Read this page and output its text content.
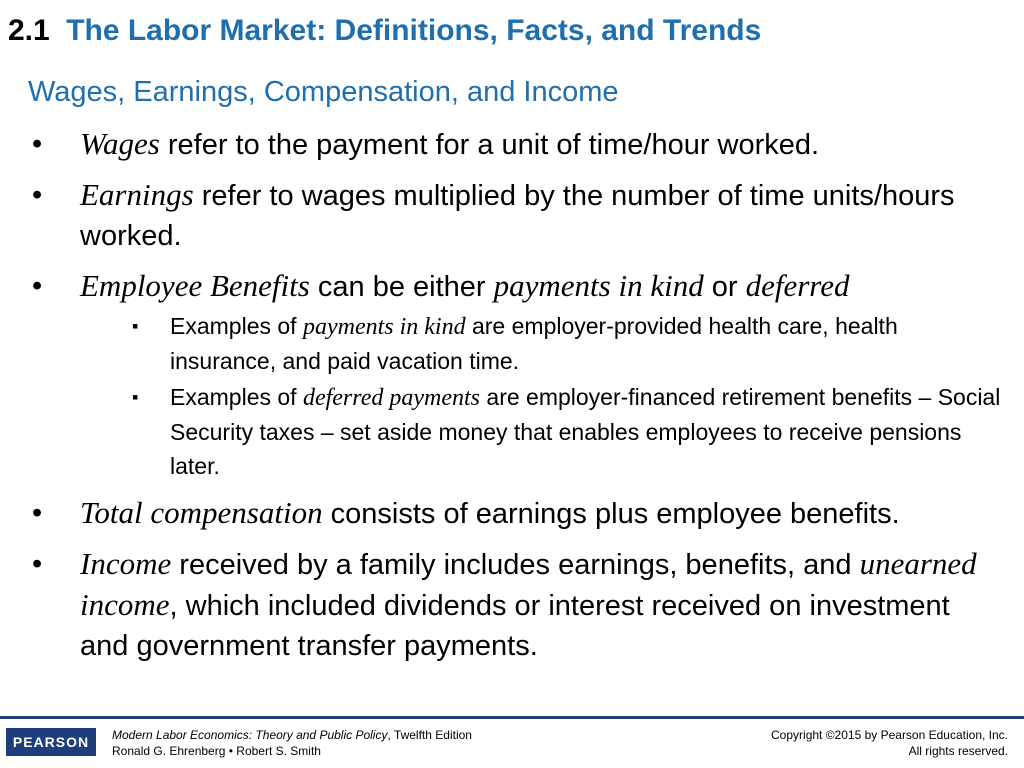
2.1 The Labor Market: Definitions, Facts, and Trends
Wages, Earnings, Compensation, and Income
• Wages refer to the payment for a unit of time/hour worked.
• Earnings refer to wages multiplied by the number of time units/hours worked.
• Employee Benefits can be either payments in kind or deferred
▪ Examples of payments in kind are employer-provided health care, health insurance, and paid vacation time.
▪ Examples of deferred payments are employer-financed retirement benefits – Social Security taxes – set aside money that enables employees to receive pensions later.
• Total compensation consists of earnings plus employee benefits.
• Income received by a family includes earnings, benefits, and unearned income, which included dividends or interest received on investment and government transfer payments.
PEARSON	Modern Labor Economics: Theory and Public Policy, Twelfth Edition
Ronald G. Ehrenberg • Robert S. Smith
Copyright ©2015 by Pearson Education, Inc.
All rights reserved.
